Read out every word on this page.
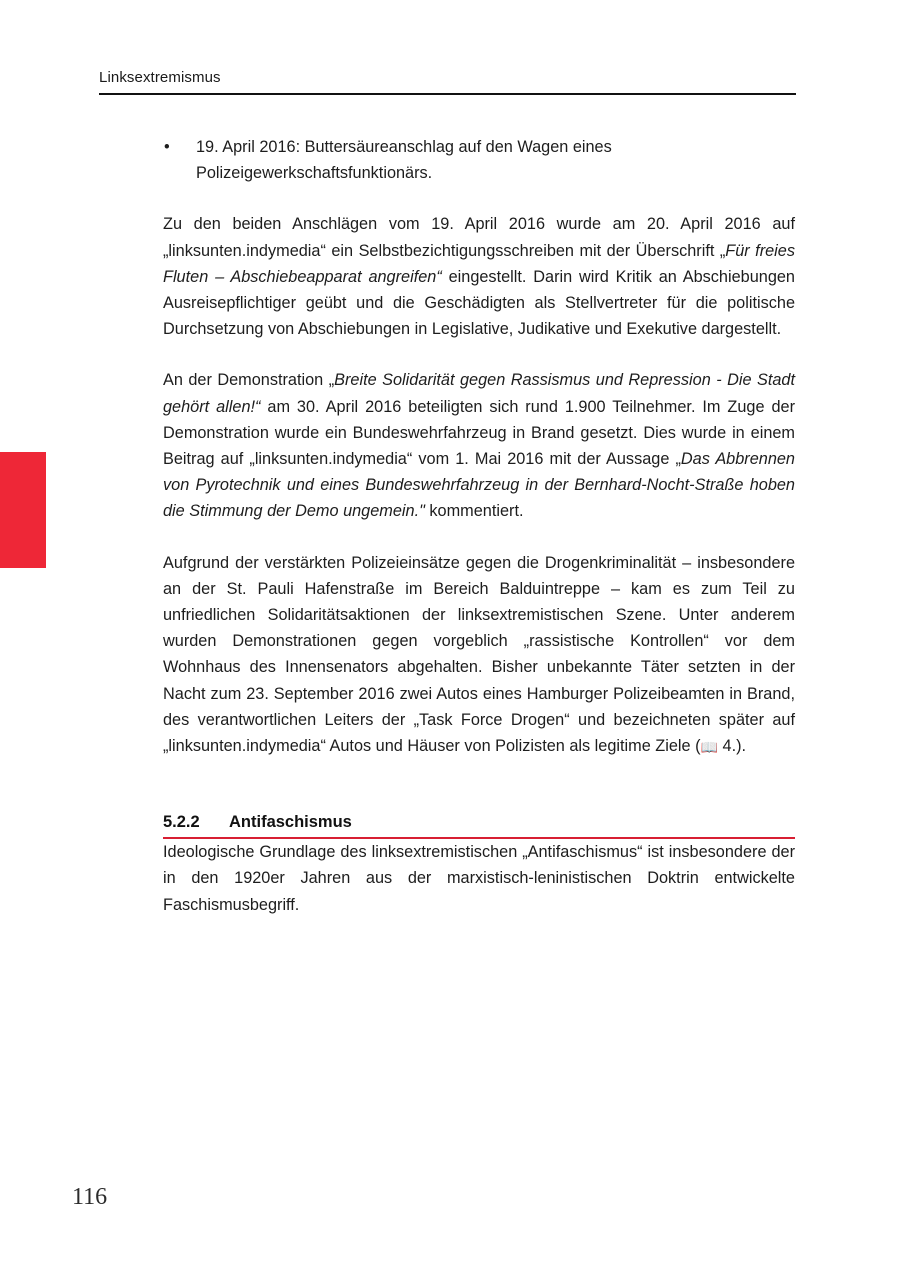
Linksextremismus
• 19. April 2016: Buttersäureanschlag auf den Wagen eines Polizeigewerkschaftsfunktionärs.

Zu den beiden Anschlägen vom 19. April 2016 wurde am 20. April 2016 auf „linksunten.indymedia“ ein Selbstbezichtigungsschreiben mit der Überschrift „Für freies Fluten – Abschiebeapparat angreifen“ eingestellt. Darin wird Kritik an Abschiebungen Ausreisepflichtiger geübt und die Geschädigten als Stellvertreter für die politische Durchsetzung von Abschiebungen in Legislative, Judikative und Exekutive dargestellt.

An der Demonstration „Breite Solidarität gegen Rassismus und Repression - Die Stadt gehört allen!“ am 30. April 2016 beteiligten sich rund 1.900 Teilnehmer. Im Zuge der Demonstration wurde ein Bundeswehrfahrzeug in Brand gesetzt. Dies wurde in einem Beitrag auf „linksunten.indymedia“ vom 1. Mai 2016 mit der Aussage „Das Abbrennen von Pyrotechnik und eines Bundeswehrfahrzeug in der Bernhard-Nocht-Straße hoben die Stimmung der Demo ungemein." kommentiert.

Aufgrund der verstärkten Polizeieinsätze gegen die Drogenkriminalität – insbesondere an der St. Pauli Hafenstraße im Bereich Balduintreppe – kam es zum Teil zu unfriedlichen Solidaritätsaktionen der linksextremistischen Szene. Unter anderem wurden Demonstrationen gegen vorgeblich „rassistische Kontrollen“ vor dem Wohnhaus des Innensenators abgehalten. Bisher unbekannte Täter setzten in der Nacht zum 23. September 2016 zwei Autos eines Hamburger Polizeibeamten in Brand, des verantwortlichen Leiters der „Task Force Drogen“ und bezeichneten später auf „linksunten.indymedia“ Autos und Häuser von Polizisten als legitime Ziele (📖 4.).

5.2.2	Antifaschismus

Ideologische Grundlage des linksextremistischen „Antifaschismus“ ist insbesondere der in den 1920er Jahren aus der marxistisch-leninistischen Doktrin entwickelte Faschismusbegriff.

116
